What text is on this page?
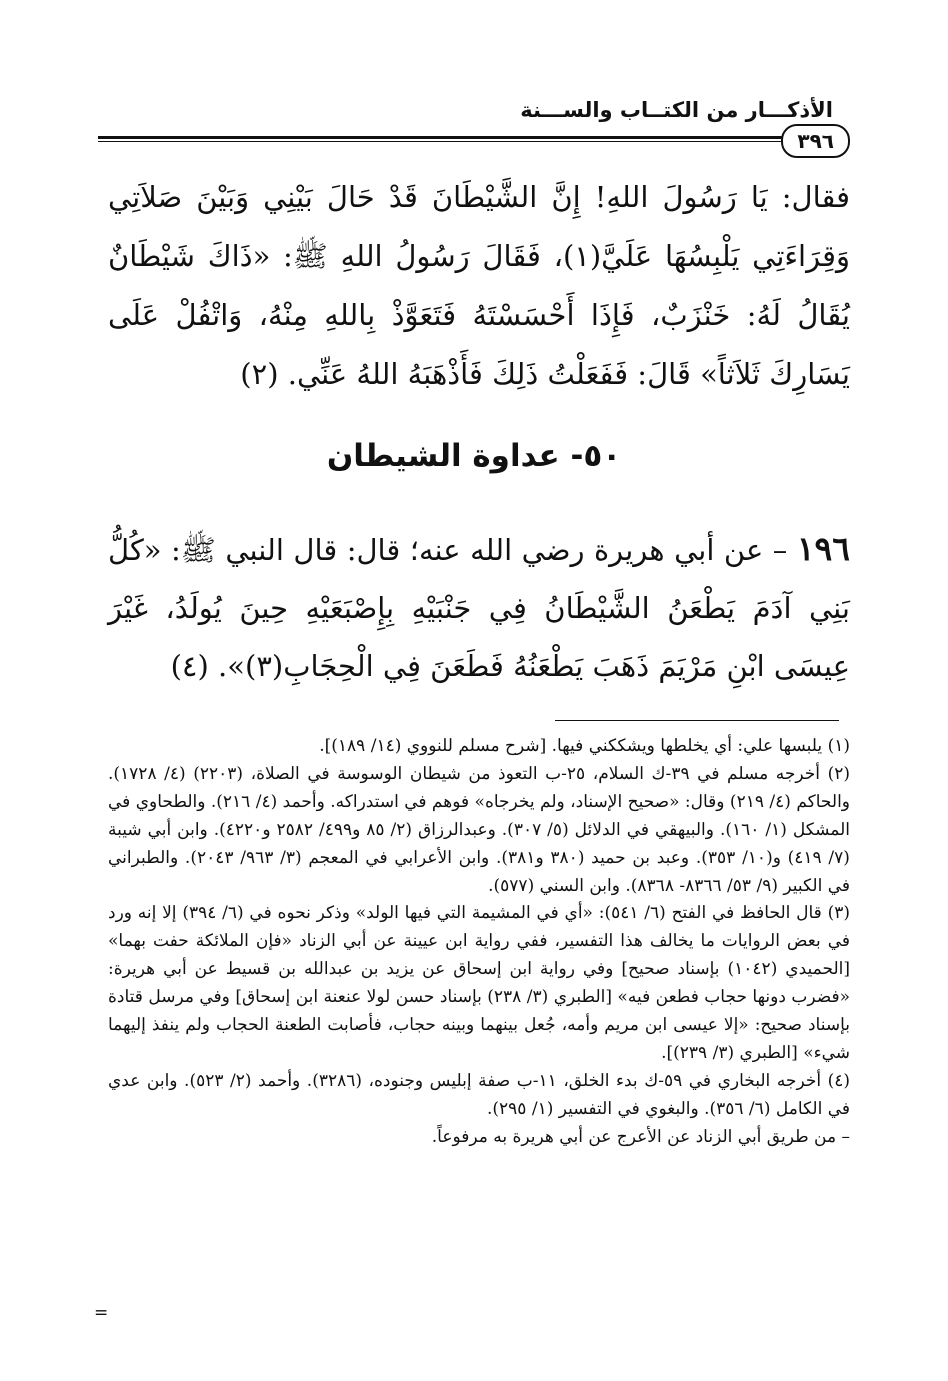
الأذكـــار من الكتــاب والســـنة
٣٩٦
فقال: يَا رَسُولَ اللهِ! إِنَّ الشَّيْطَانَ قَدْ حَالَ بَيْنِي وَبَيْنَ صَلاَتِي وَقِرَاءَتِي يَلْبِسُهَا عَلَيَّ(١)، فَقَالَ رَسُولُ اللهِ ﷺ: «ذَاكَ شَيْطَانٌ يُقَالُ لَهُ: خَنْزَبٌ، فَإِذَا أَحْسَسْتَهُ فَتَعَوَّذْ بِاللهِ مِنْهُ، وَاتْفُلْ عَلَى يَسَارِكَ ثَلاَثاً» قَالَ: فَفَعَلْتُ ذَلِكَ فَأَذْهَبَهُ اللهُ عَنِّي. (٢)
٥٠- عداوة الشيطان
١٩٦ – عن أبي هريرة رضي الله عنه؛ قال: قال النبي ﷺ: «كُلُّ بَنِي آدَمَ يَطْعَنُ الشَّيْطَانُ فِي جَنْبَيْهِ بِإِصْبَعَيْهِ حِينَ يُولَدُ، غَيْرَ عِيسَى ابْنِ مَرْيَمَ ذَهَبَ يَطْعَنُهُ فَطَعَنَ فِي الْحِجَابِ(٣)». (٤)

(١) يلبسها علي: أي يخلطها ويشككني فيها. [شرح مسلم للنووي (١٤/ ١٨٩)].

(٢) أخرجه مسلم في ٣٩-ك السلام، ٢٥-ب التعوذ من شيطان الوسوسة في الصلاة، (٢٢٠٣) (٤/ ١٧٢٨). والحاكم (٤/ ٢١٩) وقال: «صحيح الإسناد، ولم يخرجاه» فوهم في استدراكه. وأحمد (٤/ ٢١٦). والطحاوي في المشكل (١/ ١٦٠). والبيهقي في الدلائل (٥/ ٣٠٧). وعبدالرزاق (٢/ ٨٥ و٤٩٩/ ٢٥٨٢ و٤٢٢٠). وابن أبي شيبة (٧/ ٤١٩) و(١٠/ ٣٥٣). وعبد بن حميد (٣٨٠ و٣٨١). وابن الأعرابي في المعجم (٣/ ٩٦٣/ ٢٠٤٣). والطبراني في الكبير (٩/ ٥٣/ ٨٣٦٦- ٨٣٦٨). وابن السني (٥٧٧).

(٣) قال الحافظ في الفتح (٦/ ٥٤١): «أي في المشيمة التي فيها الولد» وذكر نحوه في (٦/ ٣٩٤) إلا إنه ورد في بعض الروايات ما يخالف هذا التفسير، ففي رواية ابن عيينة عن أبي الزناد «فإن الملائكة حفت بهما» [الحميدي (١٠٤٢) بإسناد صحيح] وفي رواية ابن إسحاق عن يزيد بن عبدالله بن قسيط عن أبي هريرة: «فضرب دونها حجاب فطعن فيه» [الطبري (٣/ ٢٣٨) بإسناد حسن لولا عنعنة ابن إسحاق] وفي مرسل قتادة بإسناد صحيح: «إلا عيسى ابن مريم وأمه، جُعل بينهما وبينه حجاب، فأصابت الطعنة الحجاب ولم ينفذ إليهما شيء» [الطبري (٣/ ٢٣٩)].

(٤) أخرجه البخاري في ٥٩-ك بدء الخلق، ١١-ب صفة إبليس وجنوده، (٣٢٨٦). وأحمد (٢/ ٥٢٣). وابن عدي في الكامل (٦/ ٣٥٦). والبغوي في التفسير (١/ ٢٩٥).

– من طريق أبي الزناد عن الأعرج عن أبي هريرة به مرفوعاً.

=
